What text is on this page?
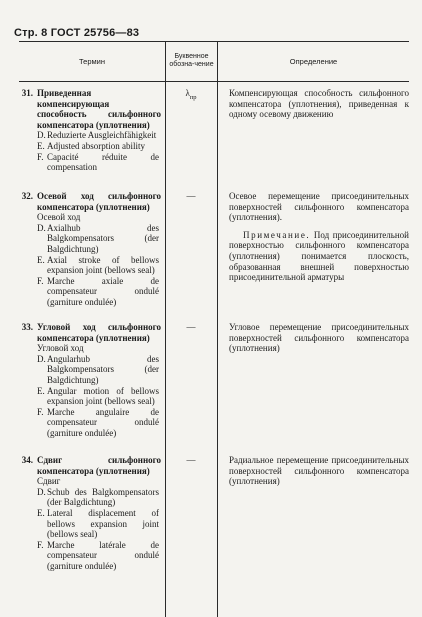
Стр. 8 ГОСТ 25756—83
Термин	Буквенное обозна-чение	Определение
31. Приведенная компенсирующая способность сильфонного компенсатора (уплотнения)
D. Reduzierte Ausgleichfähigkeit
E. Adjusted absorption ability
F. Capacité réduite de compensation
$\lambda_{пр}$	Компенсирующая способность сильфонного компенсатора (уплотнения), приведенная к одному осевому движению

32. Осевой ход сильфонного компенсатора (уплотнения)
Осевой ход
D. Axialhub des Balgkompensators (der Balgdichtung)
E. Axial stroke of bellows expansion joint (bellows seal)
F. Marche axiale de compensateur ondulé (garniture ondulée)
—	Осевое перемещение присоединительных поверхностей сильфонного компенсатора (уплотнения).

Примечание. Под присоединительной поверхностью сильфонного компенсатора (уплотнения) понимается плоскость, образованная внешней поверхностью присоединительной арматуры

33. Угловой ход сильфонного компенсатора (уплотнения)
Угловой ход
D. Angularhub des Balgkompensators (der Balgdichtung)
E. Angular motion of bellows expansion joint (bellows seal)
F. Marche angulaire de compensateur ondulé (garniture ondulée)
—	Угловое перемещение присоединительных поверхностей сильфонного компенсатора (уплотнения)

34. Сдвиг сильфонного компенсатора (уплотнения)
Сдвиг
D. Schub des Balgkompensators (der Balgdichtung)
E. Lateral displacement of bellows expansion joint (bellows seal)
F. Marche latérale de compensateur ondulé (garniture ondulée)
—	Радиальное перемещение присоединительных поверхностей сильфонного компенсатора (уплотнения)
